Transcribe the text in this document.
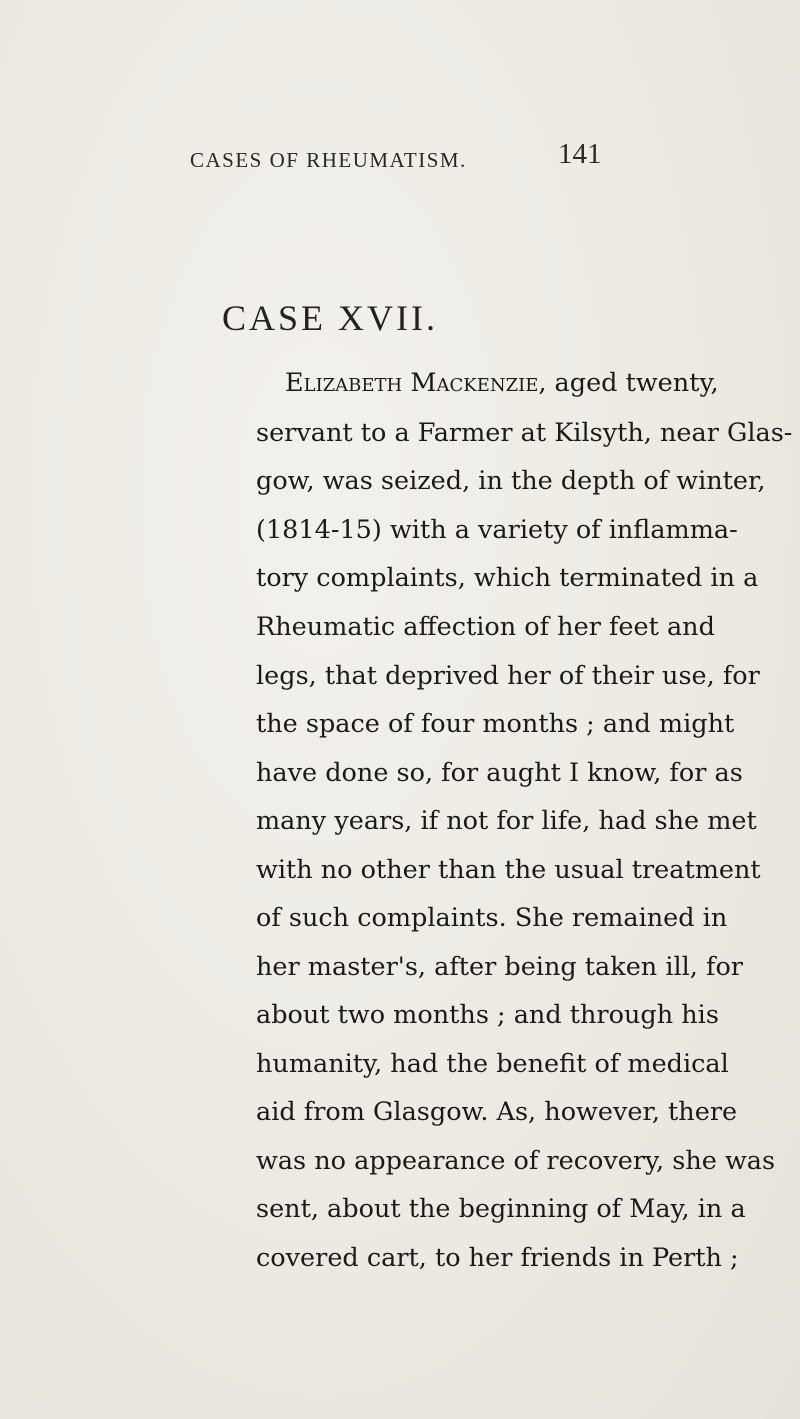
CASES OF RHEUMATISM.	141
CASE XVII.
Elizabeth Mackenzie, aged twenty,
servant to a Farmer at Kilsyth, near Glas-
gow, was seized, in the depth of winter,
(1814-15) with a variety of inflamma-
tory complaints, which terminated in a
Rheumatic affection of her feet and
legs, that deprived her of their use, for
the space of four months ; and might
have done so, for aught I know, for as
many years, if not for life, had she met
with no other than the usual treatment
of such complaints. She remained in
her master's, after being taken ill, for
about two months ; and through his
humanity, had the benefit of medical
aid from Glasgow. As, however, there
was no appearance of recovery, she was
sent, about the beginning of May, in a
covered cart, to her friends in Perth ;
